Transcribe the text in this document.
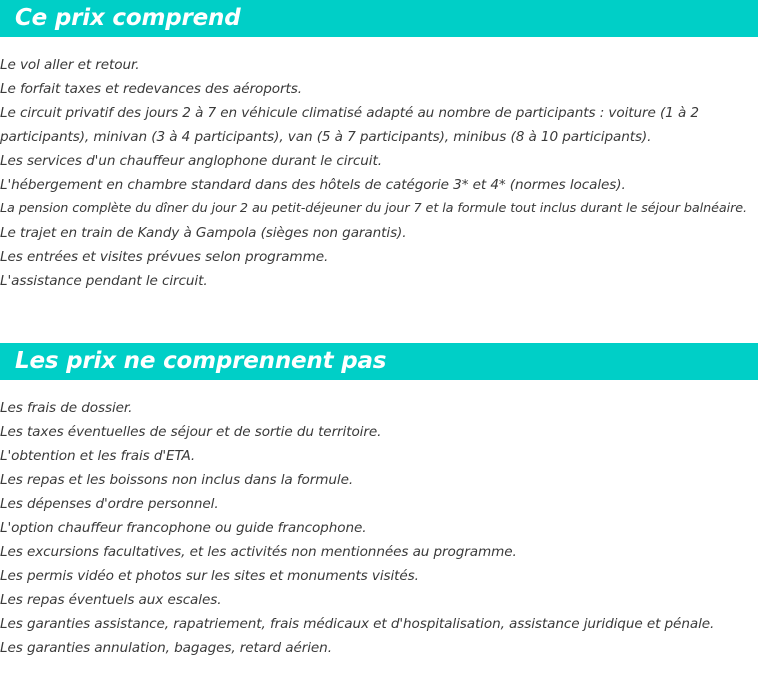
Ce prix comprend
Le vol aller et retour.
Le forfait taxes et redevances des aéroports.
Le circuit privatif des jours 2 à 7 en véhicule climatisé adapté au nombre de participants : voiture (1 à 2 participants), minivan (3 à 4 participants), van (5 à 7 participants), minibus (8 à 10 participants).
Les services d'un chauffeur anglophone durant le circuit.
L'hébergement en chambre standard dans des hôtels de catégorie 3* et 4* (normes locales).
La pension complète du dîner du jour 2 au petit-déjeuner du jour 7 et la formule tout inclus durant le séjour balnéaire.
Le trajet en train de Kandy à Gampola (sièges non garantis).
Les entrées et visites prévues selon programme.
L'assistance pendant le circuit.
Les prix ne comprennent pas
Les frais de dossier.
Les taxes éventuelles de séjour et de sortie du territoire.
L'obtention et les frais d'ETA.
Les repas et les boissons non inclus dans la formule.
Les dépenses d'ordre personnel.
L'option chauffeur francophone ou guide francophone.
Les excursions facultatives, et les activités non mentionnées au programme.
Les permis vidéo et photos sur les sites et monuments visités.
Les repas éventuels aux escales.
Les garanties assistance, rapatriement, frais médicaux et d'hospitalisation, assistance juridique et pénale.
Les garanties annulation, bagages, retard aérien.
